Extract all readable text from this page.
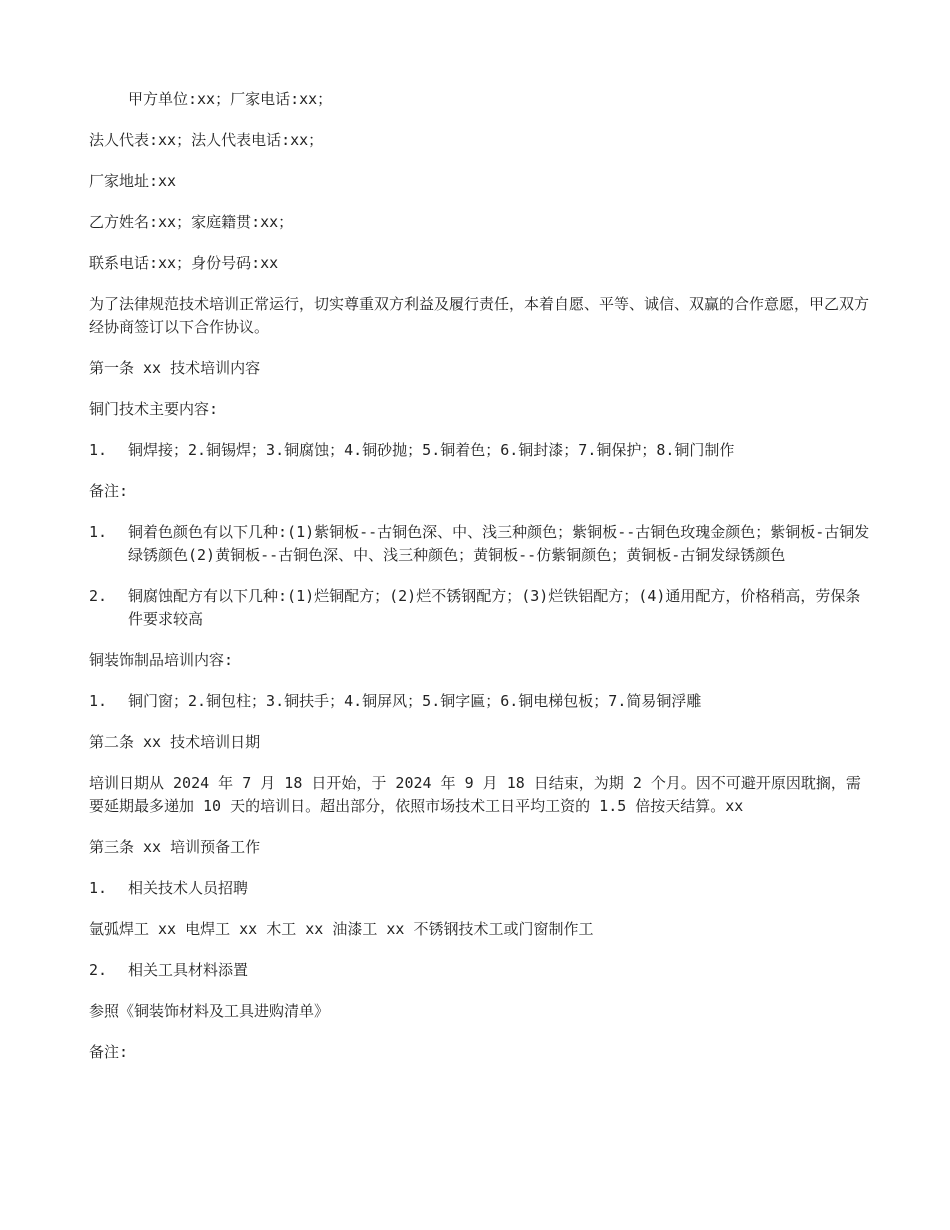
甲方单位:xx；厂家电话:xx；
法人代表:xx；法人代表电话:xx；
厂家地址:xx
乙方姓名:xx；家庭籍贯:xx；
联系电话:xx；身份号码:xx
为了法律规范技术培训正常运行，切实尊重双方利益及履行责任，本着自愿、平等、诚信、双赢的合作意愿，甲乙双方经协商签订以下合作协议。
第一条 xx 技术培训内容
铜门技术主要内容:
1.	铜焊接；2.铜锡焊；3.铜腐蚀；4.铜砂抛；5.铜着色；6.铜封漆；7.铜保护；8.铜门制作
备注:
1.	铜着色颜色有以下几种:(1)紫铜板--古铜色深、中、浅三种颜色；紫铜板--古铜色玫瑰金颜色；紫铜板-古铜发绿锈颜色(2)黄铜板--古铜色深、中、浅三种颜色；黄铜板--仿紫铜颜色；黄铜板-古铜发绿锈颜色
2.	铜腐蚀配方有以下几种:(1)烂铜配方；(2)烂不锈钢配方；(3)烂铁铝配方；(4)通用配方，价格稍高，劳保条件要求较高
铜装饰制品培训内容:
1.	铜门窗；2.铜包柱；3.铜扶手；4.铜屏风；5.铜字匾；6.铜电梯包板；7.简易铜浮雕
第二条 xx 技术培训日期
培训日期从 2024 年 7 月 18 日开始，于 2024 年 9 月 18 日结束，为期 2 个月。因不可避开原因耽搁，需要延期最多递加 10 天的培训日。超出部分，依照市场技术工日平均工资的 1.5 倍按天结算。xx
第三条 xx 培训预备工作
1.	相关技术人员招聘
氩弧焊工 xx 电焊工 xx 木工 xx 油漆工 xx 不锈钢技术工或门窗制作工
2.	相关工具材料添置
参照《铜装饰材料及工具进购清单》
备注:
